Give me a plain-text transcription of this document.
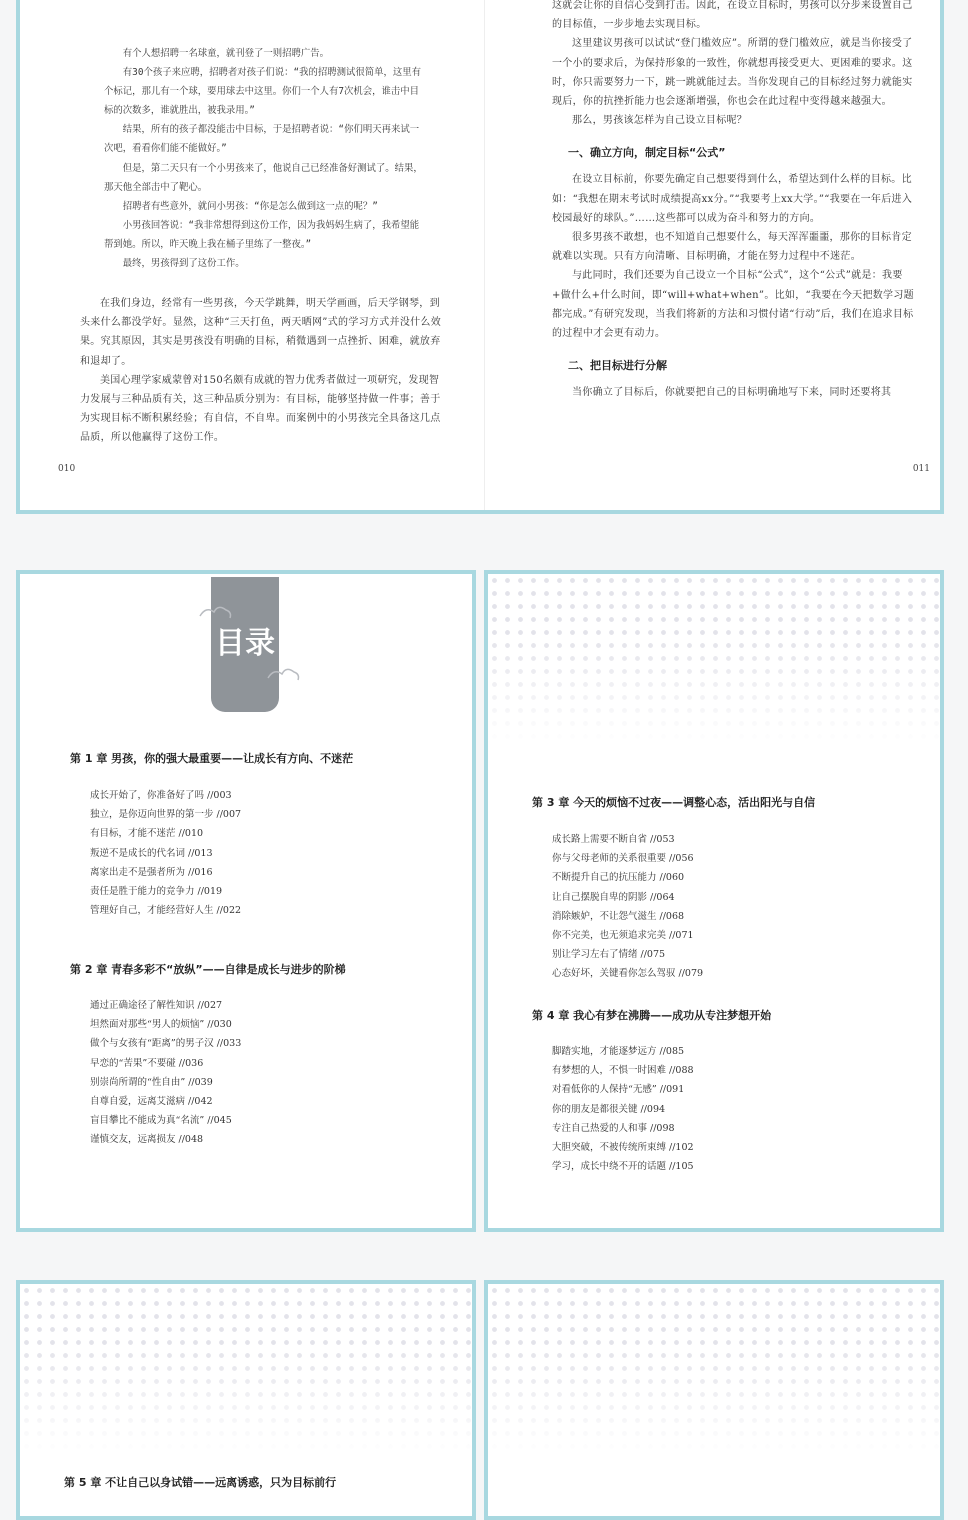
有个人想招聘一名球童，就刊登了一则招聘广告。

有30个孩子来应聘，招聘者对孩子们说：“我的招聘测试很简单，这里有个标记，那儿有一个球，要用球去中这里。你们一个人有7次机会，谁击中目标的次数多，谁就胜出，被我录用。”

结果，所有的孩子都没能击中目标，于是招聘者说：“你们明天再来试一次吧，看看你们能不能做好。”

但是，第二天只有一个小男孩来了，他说自己已经准备好测试了。结果，那天他全部击中了靶心。

招聘者有些意外，就问小男孩：“你是怎么做到这一点的呢？”

小男孩回答说：“我非常想得到这份工作，因为我妈妈生病了，我希望能帮到她。所以，昨天晚上我在桶子里练了一整夜。”

最终，男孩得到了这份工作。

在我们身边，经常有一些男孩，今天学跳舞，明天学画画，后天学钢琴，到头来什么都没学好。显然，这种“三天打鱼，两天晒网”式的学习方式并没什么效果。究其原因，其实是男孩没有明确的目标，稍微遇到一点挫折、困难，就放弃和退却了。

美国心理学家威蒙曾对150名颇有成就的智力优秀者做过一项研究，发现智力发展与三种品质有关，这三种品质分别为：有目标，能够坚持做一件事；善于为实现目标不断积累经验；有自信，不自卑。而案例中的小男孩完全具备这几点品质，所以他赢得了这份工作。

010

这就会让你的自信心受到打击。因此，在设立目标时，男孩可以分步来设置自己的目标值，一步步地去实现目标。

这里建议男孩可以试试“登门槛效应”。所谓的登门槛效应，就是当你接受了一个小的要求后，为保持形象的一致性，你就想再接受更大、更困难的要求。这时，你只需要努力一下，跳一跳就能过去。当你发现自己的目标经过努力就能实现后，你的抗挫折能力也会逐渐增强，你也会在此过程中变得越来越强大。

那么，男孩该怎样为自己设立目标呢？

一、确立方向，制定目标“公式”

在设立目标前，你要先确定自己想要得到什么，希望达到什么样的目标。比如：“我想在期末考试时成绩提高xx分。”“我要考上xx大学。”“我要在一年后进入校园最好的球队。”……这些都可以成为奋斗和努力的方向。

很多男孩不敢想，也不知道自己想要什么，每天浑浑噩噩，那你的目标肯定就难以实现。只有方向清晰、目标明确，才能在努力过程中不迷茫。

与此同时，我们还要为自己设立一个目标“公式”，这个“公式”就是：我要+做什么+什么时间，即“will+what+when”。比如，“我要在今天把数学习题都完成。”有研究发现，当我们将新的方法和习惯付诸“行动”后，我们在追求目标的过程中才会更有动力。

二、把目标进行分解

当你确立了目标后，你就要把自己的目标明确地写下来，同时还要将其

011
目录
第 1 章 男孩，你的强大最重要——让成长有方向、不迷茫
成长开始了，你准备好了吗 //003
独立，是你迈向世界的第一步 //007
有目标，才能不迷茫 //010
叛逆不是成长的代名词 //013
离家出走不是强者所为 //016
责任是胜于能力的竞争力 //019
管理好自己，才能经营好人生 //022
第 2 章 青春多彩不“放纵”——自律是成长与进步的阶梯
通过正确途径了解性知识 //027
坦然面对那些“男人的烦恼” //030
做个与女孩有“距离”的男子汉 //033
早恋的“苦果”不要碰 //036
别崇尚所谓的“性自由” //039
自尊自爱，远离艾滋病 //042
盲目攀比不能成为真“名流” //045
谨慎交友，远离损友 //048
第 3 章 今天的烦恼不过夜——调整心态，活出阳光与自信
成长路上需要不断自省 //053
你与父母老师的关系很重要 //056
不断提升自己的抗压能力 //060
让自己摆脱自卑的阴影 //064
消除嫉妒，不让怨气滋生 //068
你不完美，也无须追求完美 //071
别让学习左右了情绪 //075
心态好坏，关键看你怎么驾驭 //079
第 4 章 我心有梦在沸腾——成功从专注梦想开始
脚踏实地，才能逐梦远方 //085
有梦想的人，不惧一时困难 //088
对看低你的人保持“无感” //091
你的朋友是都很关键 //094
专注自己热爱的人和事 //098
大胆突破，不被传统所束缚 //102
学习，成长中绕不开的话题 //105
第 5 章 不让自己以身试错——远离诱惑，只为目标前行
